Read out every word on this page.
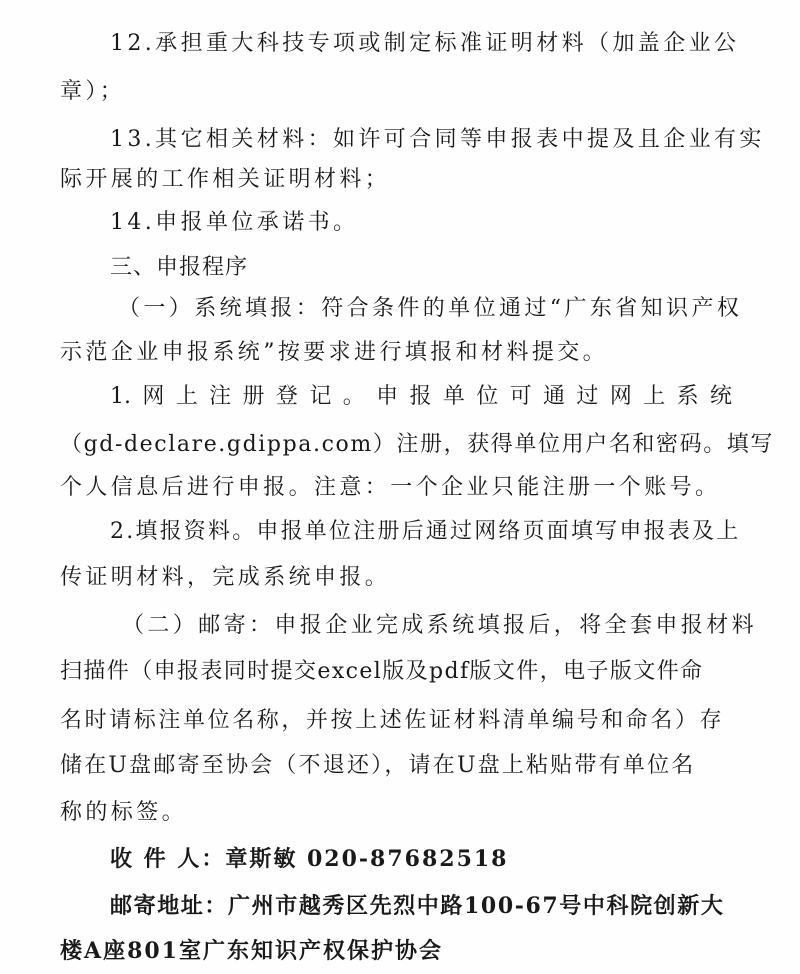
12.承担重大科技专项或制定标准证明材料（加盖企业公
章）；
13.其它相关材料：如许可合同等申报表中提及且企业有实
际开展的工作相关证明材料；
14.申报单位承诺书。
三、申报程序
（一）系统填报：符合条件的单位通过“广东省知识产权
示范企业申报系统”按要求进行填报和材料提交。
1.网上注册登记。申报单位可通过网上系统
（gd-declare.gdippa.com）注册，获得单位用户名和密码。填写
个人信息后进行申报。注意：一个企业只能注册一个账号。
2.填报资料。申报单位注册后通过网络页面填写申报表及上
传证明材料，完成系统申报。
（二）邮寄：申报企业完成系统填报后，将全套申报材料
扫描件（申报表同时提交excel版及pdf版文件，电子版文件命
名时请标注单位名称，并按上述佐证材料清单编号和命名）存
储在U盘邮寄至协会（不退还），请在U盘上粘贴带有单位名
称的标签。
收 件 人：章斯敏 020-87682518
邮寄地址：广州市越秀区先烈中路100-67号中科院创新大
楼A座801室广东知识产权保护协会
